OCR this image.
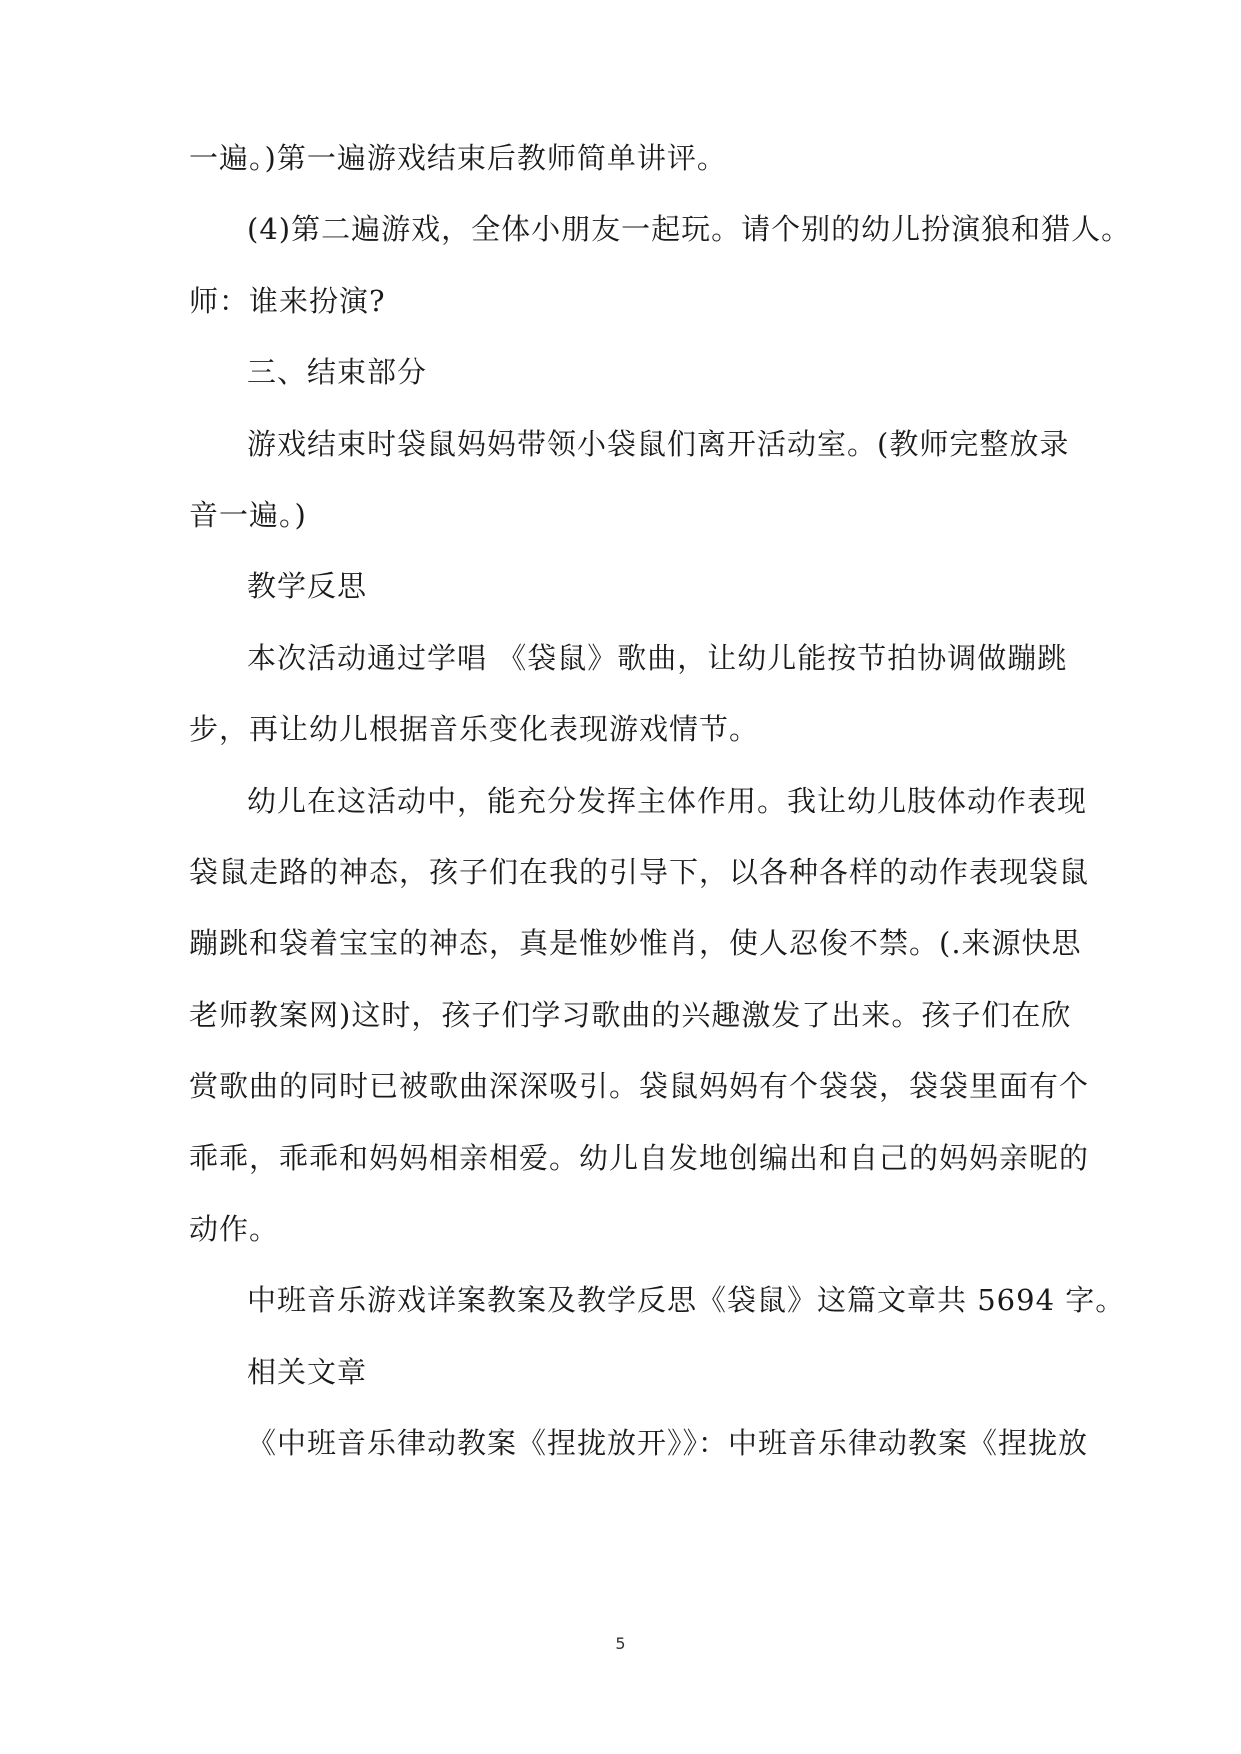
一遍。)第一遍游戏结束后教师简单讲评。
(4)第二遍游戏，全体小朋友一起玩。请个别的幼儿扮演狼和猎人。
师：谁来扮演?
三、结束部分
游戏结束时袋鼠妈妈带领小袋鼠们离开活动室。(教师完整放录
音一遍。)
教学反思
本次活动通过学唱 《袋鼠》歌曲，让幼儿能按节拍协调做蹦跳
步，再让幼儿根据音乐变化表现游戏情节。
幼儿在这活动中，能充分发挥主体作用。我让幼儿肢体动作表现
袋鼠走路的神态，孩子们在我的引导下，以各种各样的动作表现袋鼠
蹦跳和袋着宝宝的神态，真是惟妙惟肖，使人忍俊不禁。(.来源快思
老师教案网)这时，孩子们学习歌曲的兴趣激发了出来。孩子们在欣
赏歌曲的同时已被歌曲深深吸引。袋鼠妈妈有个袋袋，袋袋里面有个
乖乖，乖乖和妈妈相亲相爱。幼儿自发地创编出和自己的妈妈亲昵的
动作。
中班音乐游戏详案教案及教学反思《袋鼠》这篇文章共 5694 字。
相关文章
《中班音乐律动教案《捏拢放开》》：中班音乐律动教案《捏拢放
5
